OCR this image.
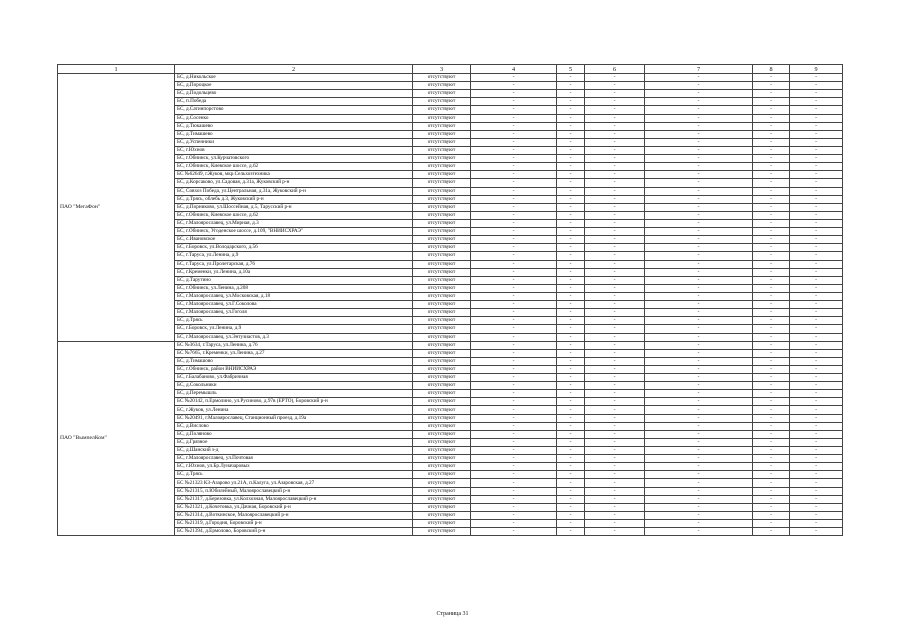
1	2	3	4	5	6	7	8	9
ПАО "МегаФон"	БС, д.Никольское	отсутствуют	-	-	-	-	-	-
	БС, д.Пороцкое	отсутствуют	-	-	-	-	-	-
	БС, д.Подольцево	отсутствуют	-	-	-	-	-	-
	БС, п.Победа	отсутствуют	-	-	-	-	-	-
	БС, д.Сатинпорстово	отсутствуют	-	-	-	-	-	-
	БС, д.Сосенко	отсутствуют	-	-	-	-	-	-
	БС, д.Тюкашево	отсутствуют	-	-	-	-	-	-
	БС, д.Тимашево	отсутствуют	-	-	-	-	-	-
	БС, д.Успенники	отсутствуют	-	-	-	-	-	-
	БС, г.Юхнов	отсутствуют	-	-	-	-	-	-
	БС, г.Обнинск, ул.Курчатовского	отсутствуют	-	-	-	-	-	-
	БС, г.Обнинск, Киевское шоссе, д.62	отсутствуют	-	-	-	-	-	-
	БС №62649, г.Жуков, мкр.Сельхозтехника	отсутствуют	-	-	-	-	-	-
	БС, д.Корсаково, ул.Садовая, д.31а, Жуковский р-н	отсутствуют	-	-	-	-	-	-
	БС, Совхоз Победа, ул.Центральная, д.31а, Жуковский р-н	отсутствуют	-	-	-	-	-	-
	БС, д.Трясь, облебь д.3, Жуковский р-н	отсутствуют	-	-	-	-	-	-
	БС, д.Порниково, ул.Шоссейная, д.5, Тарусский р-н	отсутствуют	-	-	-	-	-	-
	БС, г.Обнинск, Киевское шоссе, д.62	отсутствуют	-	-	-	-	-	-
	БС, г.Малоярославец, ул.Мирная, д.3	отсутствуют	-	-	-	-	-	-
	БС, г.Обнинск, Угоденское шоссе, д.109, "ВНИИСХРАЭ"	отсутствуют	-	-	-	-	-	-
	БС, с.Ивановское	отсутствуют	-	-	-	-	-	-
	БС, г.Боровск, ул.Володарского, д.56	отсутствуют	-	-	-	-	-	-
	БС, г.Таруса, ул.Ленина, д.9	отсутствуют	-	-	-	-	-	-
	БС, г.Таруса, ул.Пролетарская, д.76	отсутствуют	-	-	-	-	-	-
	БС, г.Кременки, ул.Ленина, д.10а	отсутствуют	-	-	-	-	-	-
	БС, д.Тарутино	отсутствуют	-	-	-	-	-	-
	БС, г.Обнинск, ул.Ленина, д.208	отсутствуют	-	-	-	-	-	-
	БС, г.Малоярославец, ул.Московская, д.18	отсутствуют	-	-	-	-	-	-
	БС, г.Малоярославец, ул.Г.Соколова	отсутствуют	-	-	-	-	-	-
	БС, г.Малоярославец, ул.Гоголя	отсутствуют	-	-	-	-	-	-
	БС, д.Трясь	отсутствуют	-	-	-	-	-	-
	БС, г.Боровск, ул.Ленина, д.9	отсутствуют	-	-	-	-	-	-
	БС, г.Малоярославец, ул.Энтузиастов, д.3	отсутствуют	-	-	-	-	-	-
ПАО "ВымпелКом"	БС №3634, г.Таруса, ул.Ленина, д.76	отсутствуют	-	-	-	-	-	-
	БС №7665, г.Кременки, ул.Ленина, д.27	отсутствуют	-	-	-	-	-	-
	БС, д.Тимашово	отсутствуют	-	-	-	-	-	-
	БС, г.Обнинск, район ВНИИСХРАЭ	отсутствуют	-	-	-	-	-	-
	БС, г.Балабаново, ул.Фабричная	отсутствуют	-	-	-	-	-	-
	БС, д.Сокольники	отсутствуют	-	-	-	-	-	-
	БС, д.Перемышль	отсутствуют	-	-	-	-	-	-
	БС №20142, п.Ермолино, ул.Русиново, д.97в (ЕРТО), Боровский р-н	отсутствуют	-	-	-	-	-	-
	БС, г.Жуков, ул.Ленина	отсутствуют	-	-	-	-	-	-
	БС №20491, г.Малоярославец, Станционный проезд, д.19а	отсутствуют	-	-	-	-	-	-
	БС, д.Вислово	отсутствуют	-	-	-	-	-	-
	БС, д.Поляново	отсутствуют	-	-	-	-	-	-
	БС, д.Грязное	отсутствуют	-	-	-	-	-	-
	БС, д.Шанский з-д	отсутствуют	-	-	-	-	-	-
	БС, г.Малоярославец, ул.Почтовая	отсутствуют	-	-	-	-	-	-
	БС, г.Юхнов, ул.Бр.Луначаровых	отсутствуют	-	-	-	-	-	-
	БС, д.Трясь	отсутствуют	-	-	-	-	-	-
	БС №21323 КЗ-Азарово ул.21А, п.Калуга, ул.Азаровская, д.27	отсутствуют	-	-	-	-	-	-
	БС №21315, п.Юбилейный, Малоярославецкий р-н	отсутствуют	-	-	-	-	-	-
	БС №21317, д.Березовка, ул.Колхозная, Малоярославецкий р-н	отсутствуют	-	-	-	-	-	-
	БС №21321, д.Кочетовка, ул.Дачная, Боровский р-н	отсутствуют	-	-	-	-	-	-
	БС №21314, д.Воткинское, Малоярославецкий р-н	отсутствуют	-	-	-	-	-	-
	БС №21319, д.Городня, Боровский р-н	отсутствуют	-	-	-	-	-	-
	БС №21394, д.Ермолово, Боровский р-н	отсутствуют	-	-	-	-	-	-
Страница 31
